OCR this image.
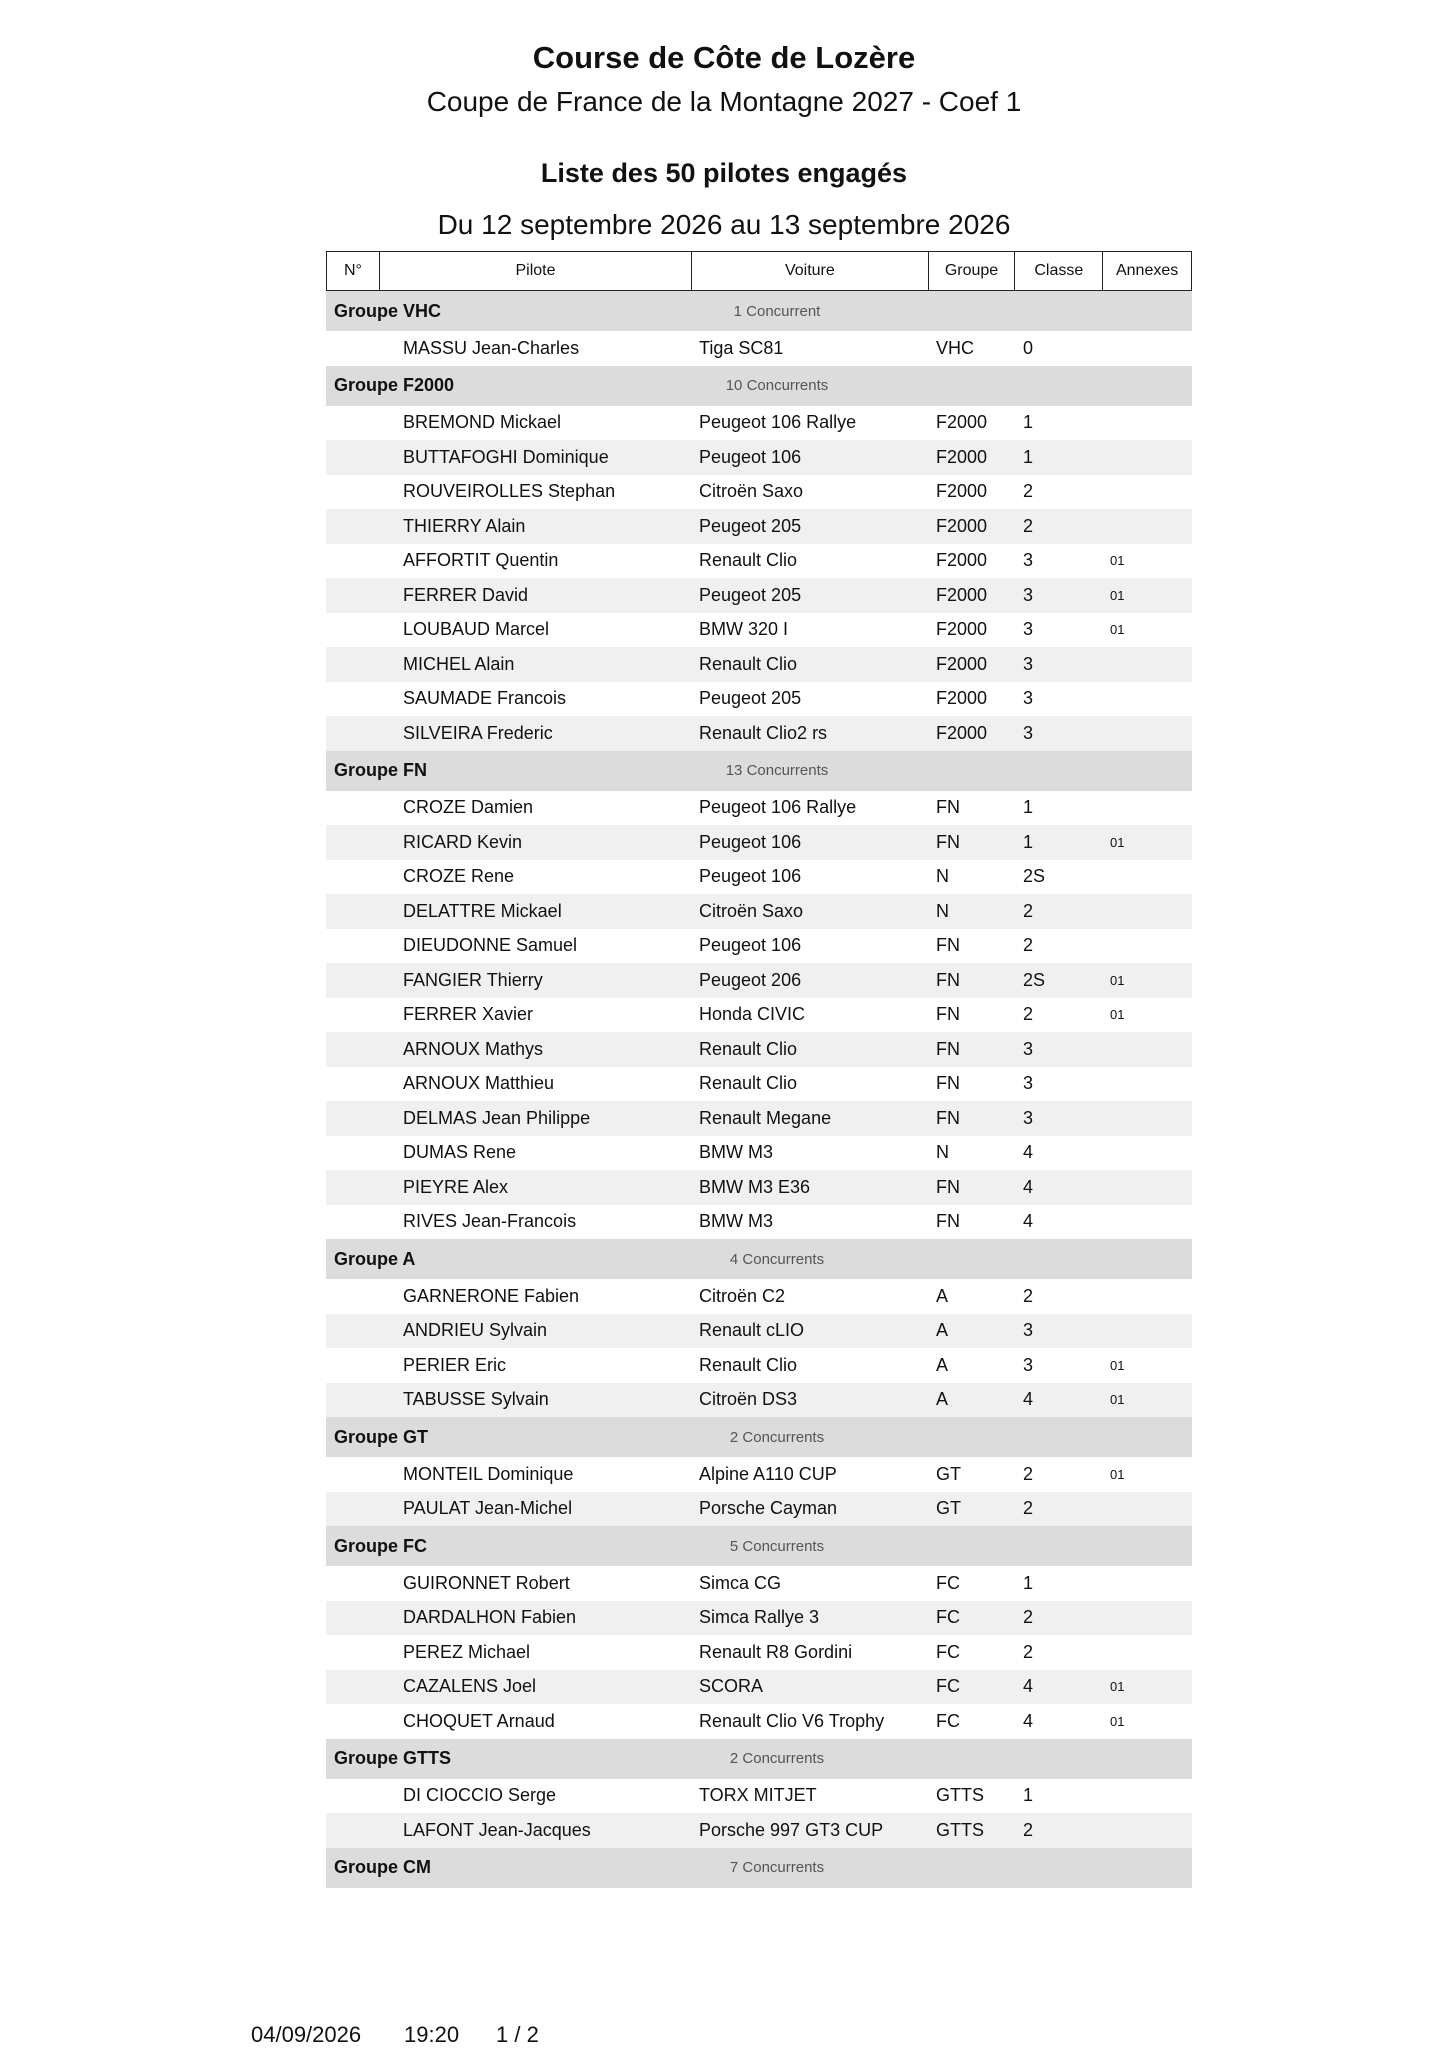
Course de Côte de Lozère
Coupe de France de la Montagne 2027 - Coef 1
Liste des 50 pilotes engagés
Du 12 septembre 2026 au 13 septembre 2026
N°	Pilote	Voiture	Groupe	Classe	Annexes
Groupe VHC	1 Concurrent
MASSU Jean-Charles	Tiga SC81	VHC	0
Groupe F2000	10 Concurrents
BREMOND Mickael	Peugeot 106 Rallye	F2000 1
BUTTAFOGHI Dominique	Peugeot 106	F2000 1
ROUVEIROLLES Stephan	Citroën Saxo	F2000 2
THIERRY Alain	Peugeot 205	F2000 2
AFFORTIT Quentin	Renault Clio	F2000 3	01
FERRER David	Peugeot 205	F2000 3	01
LOUBAUD Marcel	BMW 320 I	F2000 3	01
MICHEL Alain	Renault Clio	F2000 3
SAUMADE Francois	Peugeot 205	F2000 3
SILVEIRA Frederic	Renault Clio2 rs	F2000 3
Groupe FN	13 Concurrents
CROZE Damien	Peugeot 106 Rallye	FN	1
RICARD Kevin	Peugeot 106	FN	1	01
CROZE Rene	Peugeot 106	N	2S
DELATTRE Mickael	Citroën Saxo	N	2
DIEUDONNE Samuel	Peugeot 106	FN	2
FANGIER Thierry	Peugeot 206	FN	2S	01
FERRER Xavier	Honda CIVIC	FN	2	01
ARNOUX Mathys	Renault Clio	FN	3
ARNOUX Matthieu	Renault Clio	FN	3
DELMAS Jean Philippe	Renault Megane	FN	3
DUMAS Rene	BMW M3	N	4
PIEYRE Alex	BMW M3 E36	FN	4
RIVES Jean-Francois	BMW M3	FN	4
Groupe A	4 Concurrents
GARNERONE Fabien	Citroën C2	A	2
ANDRIEU Sylvain	Renault cLIO	A	3
PERIER Eric	Renault Clio	A	3	01
TABUSSE Sylvain	Citroën DS3	A	4	01
Groupe GT	2 Concurrents
MONTEIL Dominique	Alpine A110 CUP	GT	2	01
PAULAT Jean-Michel	Porsche Cayman	GT	2
Groupe FC	5 Concurrents
GUIRONNET Robert	Simca CG	FC	1
DARDALHON Fabien	Simca Rallye 3	FC	2
PEREZ Michael	Renault R8 Gordini	FC	2
CAZALENS Joel	SCORA	FC	4	01
CHOQUET Arnaud	Renault Clio V6 Trophy	FC	4	01
Groupe GTTS	2 Concurrents
DI CIOCCIO Serge	TORX MITJET	GTTS 1
LAFONT Jean-Jacques	Porsche 997 GT3 CUP	GTTS 2
Groupe CM	7 Concurrents
04/09/2026 19:20 1 / 2
